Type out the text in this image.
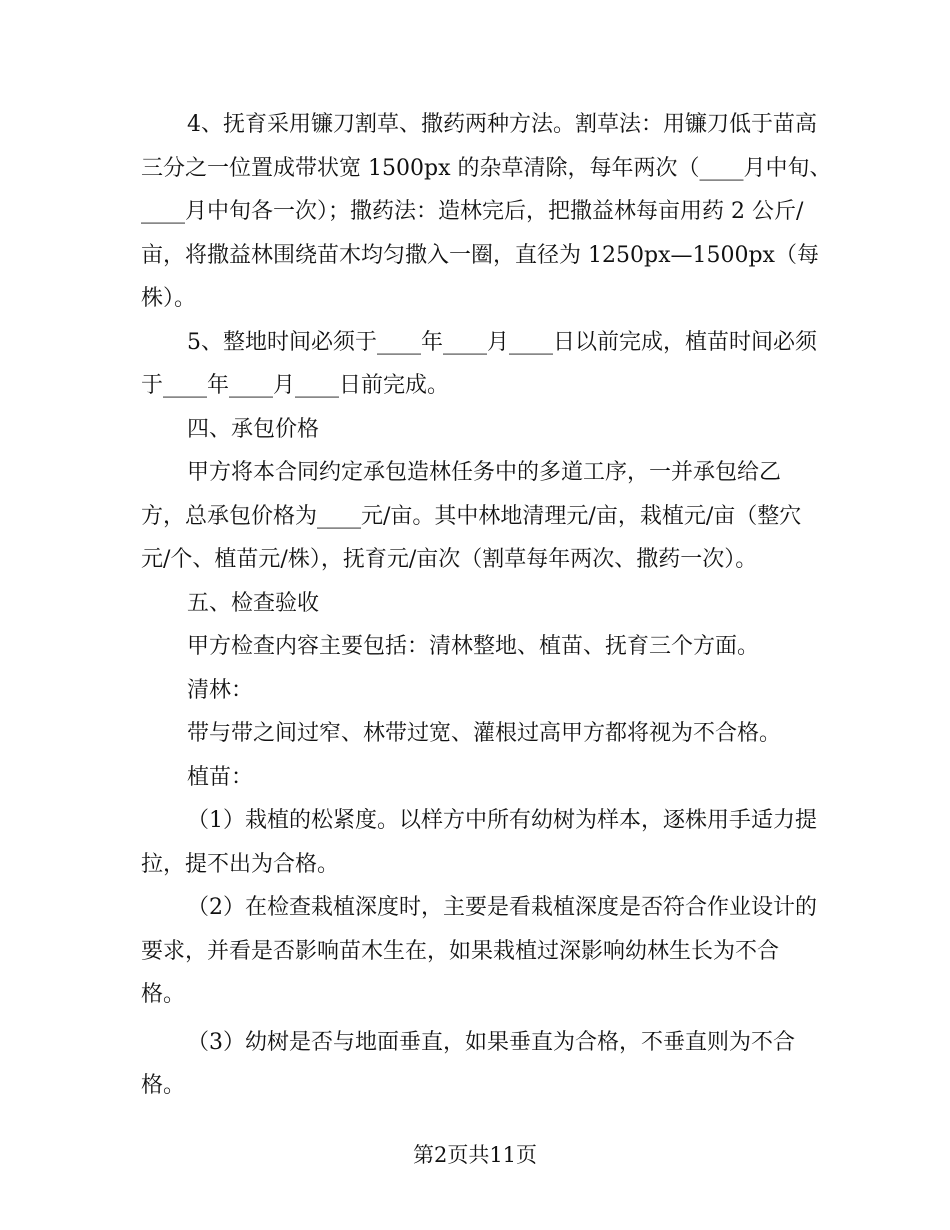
4、抚育采用镰刀割草、撒药两种方法。割草法：用镰刀低于苗高
三分之一位置成带状宽 1500px 的杂草清除，每年两次（____月中旬、
____月中旬各一次）；撒药法：造林完后，把撒益林每亩用药 2 公斤/
亩，将撒益林围绕苗木均匀撒入一圈，直径为 1250px—1500px（每
株）。
5、整地时间必须于____年____月____日以前完成，植苗时间必须
于____年____月____日前完成。
四、承包价格
甲方将本合同约定承包造林任务中的多道工序，一并承包给乙
方，总承包价格为____元/亩。其中林地清理元/亩，栽植元/亩（整穴
元/个、植苗元/株），抚育元/亩次（割草每年两次、撒药一次）。
五、检查验收
甲方检查内容主要包括：清林整地、植苗、抚育三个方面。
清林：
带与带之间过窄、林带过宽、灌根过高甲方都将视为不合格。
植苗：
（1）栽植的松紧度。以样方中所有幼树为样本，逐株用手适力提
拉，提不出为合格。
（2）在检查栽植深度时，主要是看栽植深度是否符合作业设计的
要求，并看是否影响苗木生在，如果栽植过深影响幼林生长为不合
格。
（3）幼树是否与地面垂直，如果垂直为合格，不垂直则为不合
格。
第2页共11页
